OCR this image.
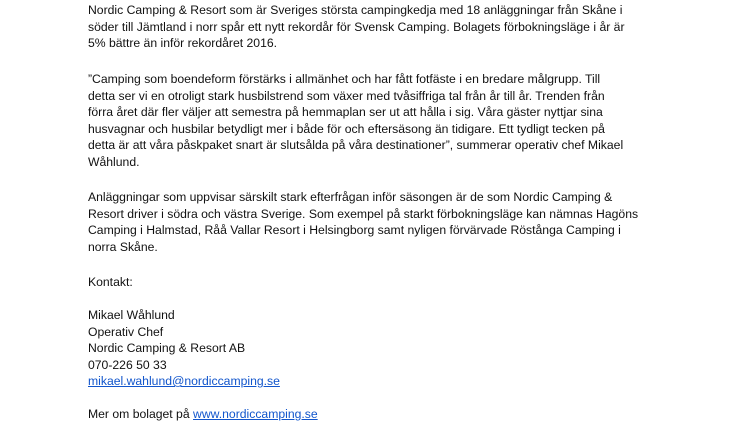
Nordic Camping & Resort som är Sveriges största campingkedja med 18 anläggningar från Skåne i
söder till Jämtland i norr spår ett nytt rekordår för Svensk Camping. Bolagets förbokningsläge i år är
5% bättre än inför rekordåret 2016.
”Camping som boendeform förstärks i allmänhet och har fått fotfäste i en bredare målgrupp. Till
detta ser vi en otroligt stark husbilstrend som växer med tvåsiffriga tal från år till år. Trenden från
förra året där fler väljer att semestra på hemmaplan ser ut att hålla i sig. Våra gäster nyttjar sina
husvagnar och husbilar betydligt mer i både för och eftersäsong än tidigare. Ett tydligt tecken på
detta är att våra påskpaket snart är slutsålda på våra destinationer”, summerar operativ chef Mikael
Wåhlund.
Anläggningar som uppvisar särskilt stark efterfrågan inför säsongen är de som Nordic Camping &
Resort driver i södra och västra Sverige. Som exempel på starkt förbokningsläge kan nämnas Hagöns
Camping i Halmstad, Råå Vallar Resort i Helsingborg samt nyligen förvärvade Röstånga Camping i
norra Skåne.
Kontakt:
Mikael Wåhlund
Operativ Chef
Nordic Camping & Resort AB
070-226 50 33
mikael.wahlund@nordiccamping.se
Mer om bolaget på www.nordiccamping.se
